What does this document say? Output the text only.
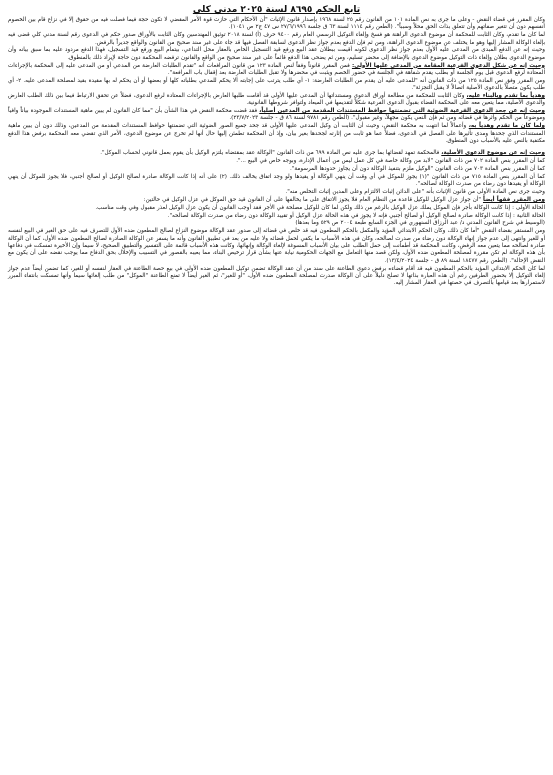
تابع الحكم ٨٦٩٥ لسنة ٢٠٢٥ مدني كلي

وكان المقرر في قضاء النقض - وعلى ما جرى به نص المادة ١٠١ من القانون رقم ٢٥ لسنة ١٩٦٨ بإصدار قانون الإثبات "أن الأحكام التي حازت قوة الأمر المقضي لا تكون حجة فيما فصلت فيه من حقوق إلا في نزاع قام بين الخصوم أنفسهم دون أن تتغير صفاتهم وأن تتعلق بذات الحق محلاً وسبباً". (الطعن رقم ١١١٤ لسنة ٦٣ ق جلسة ٢٧/٦/١٩٩٦ س ٤٧ ج٢ ص ١٠٤١).

لما كان ما تقدم، وكان الثابت للمحكمة أن موضوع الدعوى الراهنة هو فسخ وإلغاء التوكيل الرسمي العام رقم ٩٤٠٠ حرف (أ) لسنة ٢٠١٨ توثيق المهندسين وكان الثابت بالأوراق صدور حكم في الدعوى رقم لسنة مدني كلي قضى فيه بإلغاء الوكالة المشار إليها وهو ما يختلف عن موضوع الدعوى الراهنة، ومن ثم فإن الدفع بعدم جواز نظر الدعوى لسابقة الفصل فيها قد جاء على غير سند صحيح من القانون والواقع جديراً بالرفض.

وحيث إنه عن الدفع المبدى من المدعى عليه الأول بعدم جواز نظر الدعوى لكونه أقيمت ببطلان عقد البيع ورفع قيد التسجيل الخاص بالعقار محل التداعي، بيتمام البيع ورفع قيد التسجيل، فهذا الدفع مردود عليه بما سبق بيانه وأن موضوع الدعوى بطلان وإلغاء ذات التوكيل موضوع الدعوى بالإضافة إلى محضر تسليم، ومن ثم يضحى هذا الدفع قائماً على غير سند صحيح من الواقع والقانون ترفضه المحكمة دون حاجة لإيراد ذلك بالمنطوق.

وحيث إنه عن شكل الدعوى الفرعية المقامة من المدعى عليها الأولى: فمن المقرر قانوناً وفقاً لنص المادة ١٢٣ من قانون المرافعات أنه "تقدم الطلبات العارضة من المدعي أو من المدعى عليه إلى المحكمة بالإجراءات المعتادة لرفع الدعوى قبل يوم الجلسة أو بطلب يقدم شفاهة في الجلسة في حضور الخصم ويثبت في محضرها ولا تقبل الطلبات العارضة بعد إقفال باب المرافعة".

ومن المقرر وفق نص المادة ١٢٥ من ذات القانون أنه "للمدعى عليه أن يقدم من الطلبات العارضة: ١- أي طلب يترتب على إجابته ألا يحكم للمدعي بطلباته كلها أو بعضها أو أن يحكم له بها مقيدة بقيد لمصلحة المدعى عليه. ٢- أي طلب يكون متصلاً بالدعوى الأصلية اتصالاً لا يقبل التجزئة".

وهدياً بما تقدم وبالبناء عليه، وكان الثابت للمحكمة من مطالعة أوراق الدعوى ومستنداتها أن المدعى عليها الأولى قد أقامت طلبها العارض بالإجراءات المعتادة لرفع الدعوى، فضلاً عن تحقق الارتباط فيما بين ذلك الطلب العارض والدعوى الأصلية، مما يتعين معه على المحكمة القضاء بقبول الدعوى الفرعية شكلاً لتقديمها في الميعاد ولتوافر شروطها القانونية.

وحيث إنه عن جحد الدعوى الفرعية الضوئية التي تضمنتها حوافظ المستندات المقدمة من المدعين أصلياً، فقد قضت محكمة النقض في هذا الشأن بأن "مما كان القانون لم يبين ماهية المستندات الموجودة بياناً وافياً وموضوعاً من الحكم وأثرها في قضائه ومن ثم فإن النعي يكون مجهلاً، وغير مقبول". (الطعن رقم ٩٧٨١ لسنة ٨٦ ق - جلسة ٢٣/٧/٢٠٢٣).

ولما كان ما تقدم وهدياً به، وأعمالاً لما انتهت به محكمة النقض، وحيث أن الثابت أن وكيل المدعى عليها الأولى قد جحد جميع الصور الضوئية التي تضمنتها حوافظ المستندات المقدمة من المدعين، وذلك دون أن يبين ماهية المستندات الذي جحدها ومدى تأثيرها على الفصل في الدعوى، فضلاً عما هو ثابت من إثارته لجحدها بغير بيان، وإذ أن المحكمة تطمئن إليها حال أنها لم تخرج عن موضوع الدعوى، الأمر الذي تقضي معه المحكمة برفض هذا الدفع مكتفية بالنص عليه بالأسباب دون المنطوق.

وحيث إنه عن موضوع الدعوى الأصلية، فالمحكمة تمهد لقضائها بما جرى عليه نص المادة ٦٩٩ من ذات القانون "الوكالة عقد بمقتضاه يلتزم الوكيل بأن يقوم بعمل قانوني لحساب الموكل".

كما أن المقرر بنص المادة ٧٠٢ من ذات القانون "لابد من وكالة خاصة في كل عمل ليس من أعمال الإدارة، وبوجه خاص في البيع ...".

كما أن المقرر بنص المادة ٧٠٣ من ذات القانون "الوكيل ملزم بتنفيذ الوكالة دون أن يجاوز حدودها المرسومة".

كما أن المقرر بنص المادة ٧١٥ من ذات القانون "(١) يجوز للموكل في أي وقت أن ينهي الوكالة أو يقيدها ولو وجد اتفاق يخالف ذلك. (٢) على أنه إذا كانت الوكالة صادرة لصالح الوكيل أو لصالح أجنبي، فلا يجوز للموكل أن ينهي الوكالة أو يقيدها دون رضاء من صدرت الوكالة لصالحه".

وحيث جرى نص المادة الأولى من قانون الإثبات بأنه "على الدائن إثبات الالتزام وعلى المدين إثبات التخلص منه".

ومن المقرر فقهاً أيضاً "أن جواز عزل الوكيل للوكيل قاعدة من النظام العام فلا يجوز الاتفاق على ما يخالفها على أن القانون قيد حق الموكل في عزل الوكيل في حالتين:

الحالة الأولى : إذا كانت الوكالة بأجر فإن الموكل يملك عزل الوكيل بالرغم من ذلك ولكن لما كان للوكيل مصلحة في الأجر فقد أوجب القانون أن يكون عزل الوكيل لعذر مقبول وفي وقت مناسب.

الحالة الثانية : إذا كانت الوكالة صادرة لصالح الوكيل أو لصالح أجنبي فإنه لا يجوز في هذه الحالة عزل الوكيل أو تقييد الوكالة دون رضاء من صدرت الوكالة لصالحه".

(الوسيط في شرح القانون المدني د/ عبد الرزاق السنهوري في الجزء السابع طبعة ٢٠٠٤ ص ٥٢٩ وما بعدها)

ومن المستقر بقضاء النقض "أما كان ذلك، وكان الحكم الابتدائي المؤيد والمكمل بالحكم المطعون فيه قد خلص في قضائه إلى صدور عقد الوكالة موضوع النزاع لصالح المطعون ضده الأول للتصرف فيه على حق الغير في البيع لنفسه أو للغير وانتهى إلى عدم جواز إنهاء الوكالة دون رضاء من صدرت لصالحه، وكان في هذه الأسباب ما يكفي لحمل قضائه ولا عليه من بعد في تطبيق القانون وأنه ما يسفر عن الوكالة الصادرة لصالح المطعون ضده الأول، كما أن الوكالة صادرة لصالحه مما يتعين معه الرفض، وكانت المحكمة قد أطمأنت إلى حمل الطلب على بيان الأسباب المسوغة لإلغاء الوكالة وإنهائها، وكانت هذه الأسباب قائمة على التفسير والتطبيق الصحيح، لا سيما وإن الأخيرة تمسكت في دفاعها بأن هذه الوكالة لم تكن مقررة لمصلحة المطعون ضده الأول، ولكن قصد منها التعامل مع الجهات الحكومية نيابة عنها بشأن قرار ترخيص البناء، مما يعيبه بالقصور في التسبيب والإخلال بحق الدفاع مما يوجب نقضه على أن يكون مع النقض الإحالة". (الطعن رقم ١٨٤٧٧ لسنة ٨٩ ق - جلسة ١٣/٤/٢٠٢٤).

لما كان الحكم الابتدائي المؤيد بالحكم المطعون فيه قد أقام قضاءه برفض دعوى الطاعنة على سند من أن عقد الوكالة تضمن توكيل المطعون ضده الأولى في بيع حصة الطاعنة في العقار لنفسه أو للغير، كما تضمن أيضاً عدم جواز إلغاء التوكيل إلا بحضور الطرفين رغم أن هذه العبارة بذاتها لا تصلح دليلاً على أن الوكالة صدرت لمصلحة المطعون ضده الأول، "أو للغير"، ثم الغير أيضاً لا تمنع الطاعنة "الموكل" من طلب إلغائها سيما وأنها تمسكت بانتفاء المبرر لاستمرارها بعد قيامها بالتصرف في حصتها في العقار المشار إليه.
